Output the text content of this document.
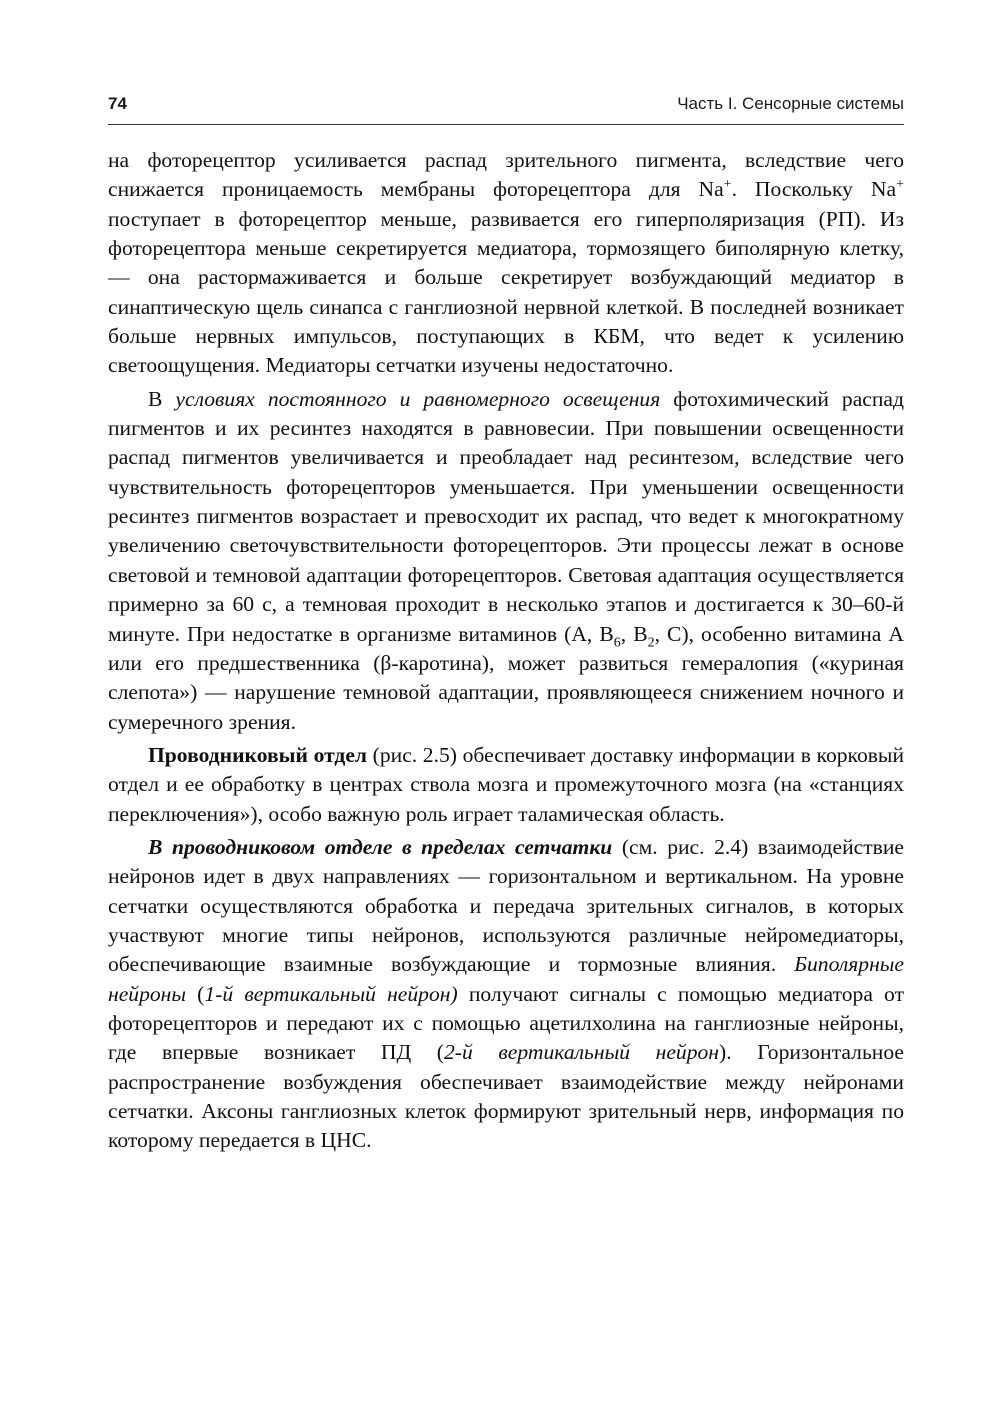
74	Часть I. Сенсорные системы

на фоторецептор усиливается распад зрительного пигмента, вследствие чего снижается проницаемость мембраны фоторецептора для Na+. Поскольку Na+ поступает в фоторецептор меньше, развивается его гиперполяризация (РП). Из фоторецептора меньше секретируется медиатора, тормозящего биполярную клетку, — она растормаживается и больше секретирует возбуждающий медиатор в синаптическую щель синапса с ганглиозной нервной клеткой. В последней возникает больше нервных импульсов, поступающих в КБМ, что ведет к усилению светоощущения. Медиаторы сетчатки изучены недостаточно.

В условиях постоянного и равномерного освещения фотохимический распад пигментов и их ресинтез находятся в равновесии. При повышении освещенности распад пигментов увеличивается и преобладает над ресинтезом, вследствие чего чувствительность фоторецепторов уменьшается. При уменьшении освещенности ресинтез пигментов возрастает и превосходит их распад, что ведет к многократному увеличению светочувствительности фоторецепторов. Эти процессы лежат в основе световой и темновой адаптации фоторецепторов. Световая адаптация осуществляется примерно за 60 с, а темновая проходит в несколько этапов и достигается к 30–60-й минуте. При недостатке в организме витаминов (А, $В_6$, $В_2$, С), особенно витамина А или его предшественника (β-каротина), может развиться гемералопия («куриная слепота») — нарушение темновой адаптации, проявляющееся снижением ночного и сумеречного зрения.

Проводниковый отдел (рис. 2.5) обеспечивает доставку информации в корковый отдел и ее обработку в центрах ствола мозга и промежуточного мозга (на «станциях переключения»), особо важную роль играет таламическая область.

В проводниковом отделе в пределах сетчатки (см. рис. 2.4) взаимодействие нейронов идет в двух направлениях — горизонтальном и вертикальном. На уровне сетчатки осуществляются обработка и передача зрительных сигналов, в которых участвуют многие типы нейронов, используются различные нейромедиаторы, обеспечивающие взаимные возбуждающие и тормозные влияния. Биполярные нейроны (1-й вертикальный нейрон) получают сигналы с помощью медиатора от фоторецепторов и передают их с помощью ацетилхолина на ганглиозные нейроны, где впервые возникает ПД (2-й вертикальный нейрон). Горизонтальное распространение возбуждения обеспечивает взаимодействие между нейронами сетчатки. Аксоны ганглиозных клеток формируют зрительный нерв, информация по которому передается в ЦНС.
